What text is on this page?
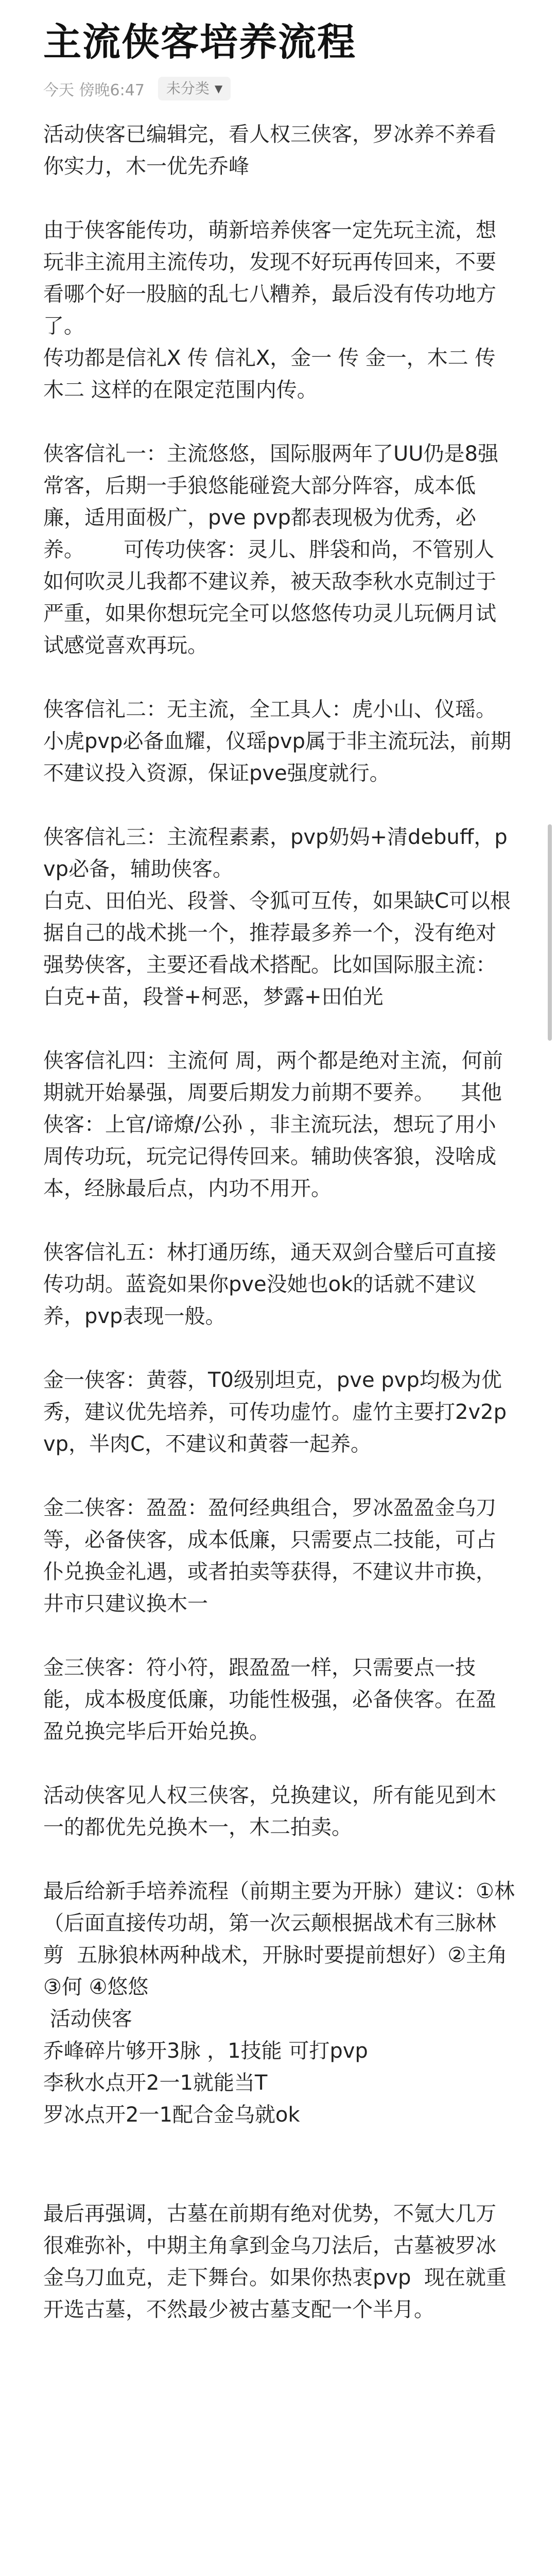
主流侠客培养流程
今天 傍晚6:47 未分类 ▼

活动侠客已编辑完，看人权三侠客，罗冰养不养看你实力，木一优先乔峰

由于侠客能传功，萌新培养侠客一定先玩主流，想玩非主流用主流传功，发现不好玩再传回来，不要看哪个好一股脑的乱七八糟养，最后没有传功地方了。
传功都是信礼X 传 信礼X，金一 传 金一，木二 传 木二 这样的在限定范围内传。

侠客信礼一：主流悠悠，国际服两年了UU仍是8强常客，后期一手狼悠能碰瓷大部分阵容，成本低廉，适用面极广，pve pvp都表现极为优秀，必养。      可传功侠客：灵儿、胖袋和尚，不管别人如何吹灵儿我都不建议养，被天敌李秋水克制过于严重，如果你想玩完全可以悠悠传功灵儿玩俩月试试感觉喜欢再玩。

侠客信礼二：无主流，全工具人：虎小山、仪瑶。小虎pvp必备血耀，仪瑶pvp属于非主流玩法，前期不建议投入资源，保证pve强度就行。

侠客信礼三：主流程素素，pvp奶妈+清debuff，pvp必备，辅助侠客。
白克、田伯光、段誉、令狐可互传，如果缺C可以根据自己的战术挑一个，推荐最多养一个，没有绝对强势侠客，主要还看战术搭配。比如国际服主流：白克+苗，段誉+柯恶，梦露+田伯光

侠客信礼四：主流何 周，两个都是绝对主流，何前期就开始暴强，周要后期发力前期不要养。    其他侠客：上官/谛燎/公孙 ，非主流玩法，想玩了用小周传功玩，玩完记得传回来。辅助侠客狼，没啥成本，经脉最后点，内功不用开。

侠客信礼五：林打通历练，通天双剑合璧后可直接传功胡。蓝瓷如果你pve没她也ok的话就不建议养，pvp表现一般。

金一侠客：黄蓉，T0级别坦克，pve pvp均极为优秀，建议优先培养，可传功虚竹。虚竹主要打2v2pvp，半肉C，不建议和黄蓉一起养。

金二侠客：盈盈：盈何经典组合，罗冰盈盈金乌刀等，必备侠客，成本低廉，只需要点二技能，可占仆兑换金礼遇，或者拍卖等获得，不建议井市换，井市只建议换木一

金三侠客：符小符，跟盈盈一样，只需要点一技能，成本极度低廉，功能性极强，必备侠客。在盈盈兑换完毕后开始兑换。

活动侠客见人权三侠客，兑换建议，所有能见到木一的都优先兑换木一，木二拍卖。

最后给新手培养流程（前期主要为开脉）建议：①林（后面直接传功胡，第一次云颠根据战术有三脉林剪  五脉狼林两种战术，开脉时要提前想好）②主角 ③何 ④悠悠
活动侠客
乔峰碎片够开3脉 ，1技能 可打pvp
李秋水点开2一1就能当T
罗冰点开2一1配合金乌就ok

最后再强调，古墓在前期有绝对优势，不氪大几万很难弥补，中期主角拿到金乌刀法后，古墓被罗冰金乌刀血克，走下舞台。如果你热衷pvp  现在就重开选古墓，不然最少被古墓支配一个半月。
